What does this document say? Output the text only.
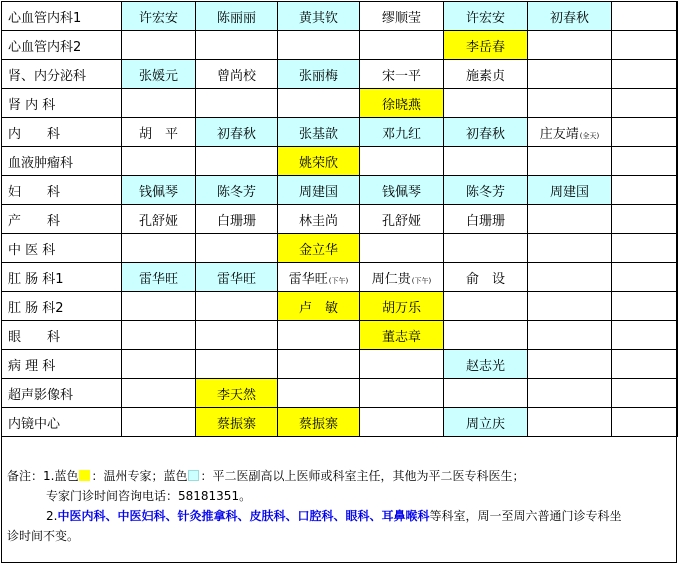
心血管内科1	许宏安	陈丽丽	黄其钦	缪顺莹	许宏安	初春秋	
心血管内科2					李岳春		
肾、内分泌科	张媛元	曾尚校	张丽梅	宋一平	施素贞		
肾 内 科				徐晓燕			
内　　科	胡　平	初春秋	张基歆	邓九红	初春秋	庄友靖(全天)	
血液肿瘤科			姚荣欣				
妇　　科	钱佩琴	陈冬芳	周建国	钱佩琴	陈冬芳	周建国	
产　　科	孔舒娅	白珊珊	林圭尚	孔舒娅	白珊珊		
中 医 科			金立华				
肛 肠 科1	雷华旺	雷华旺	雷华旺(下午)	周仁贵(下午)	俞　设		
肛 肠 科2			卢　敏	胡万乐			
眼　　科				董志章			
病 理 科					赵志光		
超声影像科		李天然					
内镜中心		蔡振寨	蔡振寨		周立庆		
备注：1.蓝色 ：温州专家；蓝色 ：平二医副高以上医师或科室主任，其他为平二医专科医生；
专家门诊时间咨询电话：58181351。
2.中医内科、中医妇科、针灸推拿科、皮肤科、口腔科、眼科、耳鼻喉科等科室，周一至周六普通门诊专科坐
诊时间不变。
